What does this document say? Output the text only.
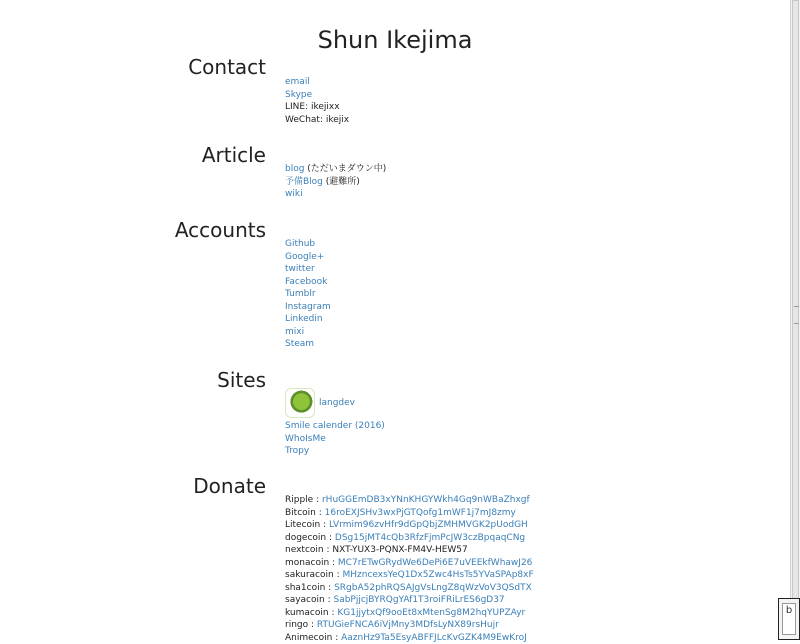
Shun Ikejima
Contact
email
Skype
LINE: ikejixx
WeChat: ikejix
Article
blog (ただいまダウン中)
予備Blog (避難所)
wiki
Accounts
Github
Google+
twitter
Facebook
Tumblr
Instagram
Linkedin
mixi
Steam
Sites
langdev
Smile calender (2016)
WhoIsMe
Tropy
Donate
Ripple : rHuGGEmDB3xYNnKHGYWkh4Gq9nWBaZhxgf
Bitcoin : 16roEXJSHv3wxPjGTQofg1mWF1j7mJ8zmy
Litecoin : LVrmim96zvHfr9dGpQbjZMHMVGK2pUodGH
dogecoin : DSg15jMT4cQb3RfzFjmPcJW3czBpqaqCNg
nextcoin : NXT-YUX3-PQNX-FM4V-HEW57
monacoin : MC7rETwGRydWe6DePi6E7uVEEkfWhawJ26
sakuracoin : MHzncexsYeQ1Dx5Zwc4HsTs5YVaSPAp8xF
sha1coin : SRgbA52phRQSAJgVsLngZ8qWzVoV3QSdTX
sayacoin : SabPjjcjBYRQgYAf1T3roiFRiLrES6gD37
kumacoin : KG1jjytxQf9ooEt8xMtenSg8M2hqYUPZAyr
ringo : RTUGieFNCA6iVjMny3MDfsLyNX89rsHujr
Animecoin : AaznHz9Ta5EsyABFFJLcKvGZK4M9EwKroJ
b
